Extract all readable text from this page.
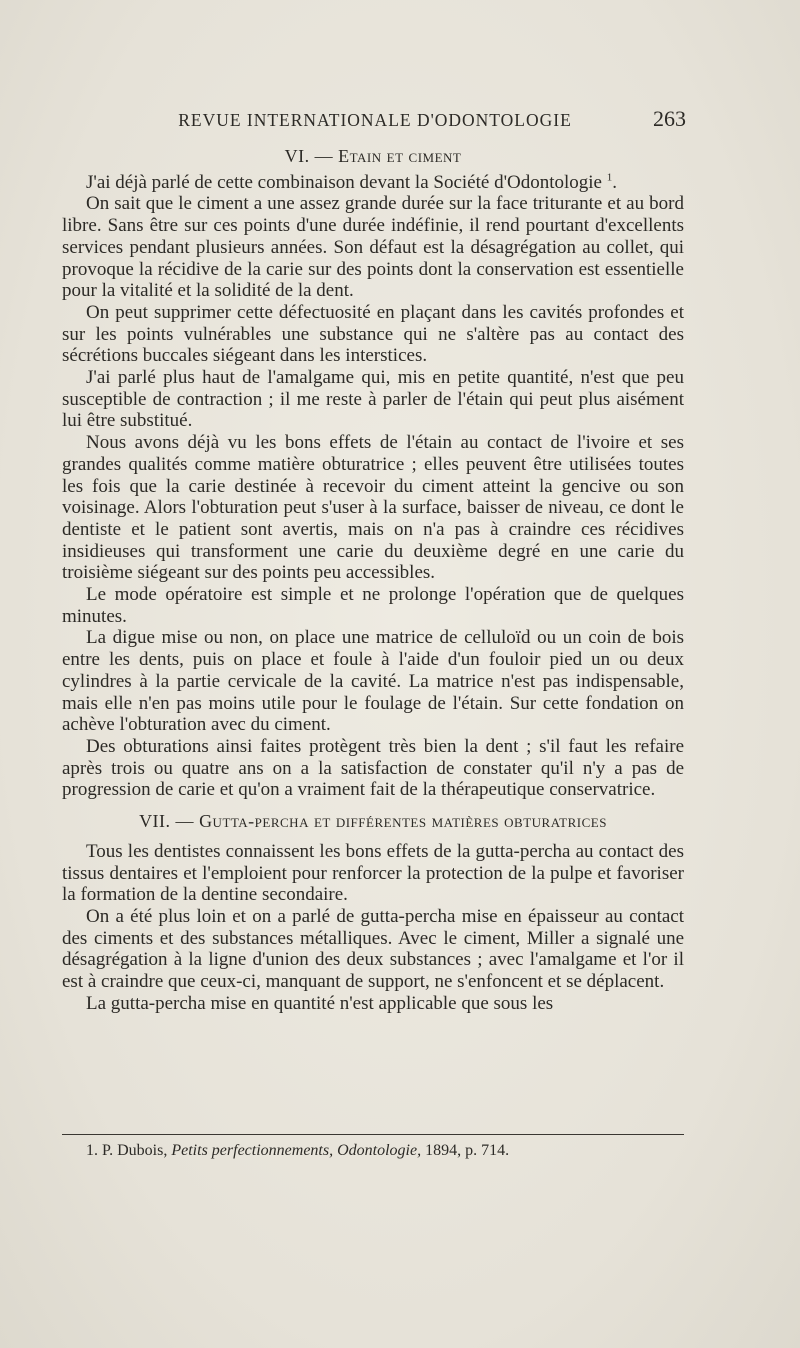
REVUE INTERNATIONALE D'ODONTOLOGIE	263
VI. — Etain et ciment

J'ai déjà parlé de cette combinaison devant la Société d'Odontologie $^1$.

On sait que le ciment a une assez grande durée sur la face triturante et au bord libre. Sans être sur ces points d'une durée indéfinie, il rend pourtant d'excellents services pendant plusieurs années. Son défaut est la désagrégation au collet, qui provoque la récidive de la carie sur des points dont la conservation est essentielle pour la vitalité et la solidité de la dent.

On peut supprimer cette défectuosité en plaçant dans les cavités profondes et sur les points vulnérables une substance qui ne s'altère pas au contact des sécrétions buccales siégeant dans les interstices.

J'ai parlé plus haut de l'amalgame qui, mis en petite quantité, n'est que peu susceptible de contraction ; il me reste à parler de l'étain qui peut plus aisément lui être substitué.

Nous avons déjà vu les bons effets de l'étain au contact de l'ivoire et ses grandes qualités comme matière obturatrice ; elles peuvent être utilisées toutes les fois que la carie destinée à recevoir du ciment atteint la gencive ou son voisinage. Alors l'obturation peut s'user à la surface, baisser de niveau, ce dont le dentiste et le patient sont avertis, mais on n'a pas à craindre ces récidives insidieuses qui transforment une carie du deuxième degré en une carie du troisième siégeant sur des points peu accessibles.

Le mode opératoire est simple et ne prolonge l'opération que de quelques minutes.

La digue mise ou non, on place une matrice de celluloïd ou un coin de bois entre les dents, puis on place et foule à l'aide d'un fouloir pied un ou deux cylindres à la partie cervicale de la cavité. La matrice n'est pas indispensable, mais elle n'en pas moins utile pour le foulage de l'étain. Sur cette fondation on achève l'obturation avec du ciment.

Des obturations ainsi faites protègent très bien la dent ; s'il faut les refaire après trois ou quatre ans on a la satisfaction de constater qu'il n'y a pas de progression de carie et qu'on a vraiment fait de la thérapeutique conservatrice.

VII. — Gutta-percha et différentes matières obturatrices

Tous les dentistes connaissent les bons effets de la gutta-percha au contact des tissus dentaires et l'emploient pour renforcer la protection de la pulpe et favoriser la formation de la dentine secondaire.

On a été plus loin et on a parlé de gutta-percha mise en épaisseur au contact des ciments et des substances métalliques. Avec le ciment, Miller a signalé une désagrégation à la ligne d'union des deux substances ; avec l'amalgame et l'or il est à craindre que ceux-ci, manquant de support, ne s'enfoncent et se déplacent.

La gutta-percha mise en quantité n'est applicable que sous les

1. P. Dubois, Petits perfectionnements, Odontologie, 1894, p. 714.
